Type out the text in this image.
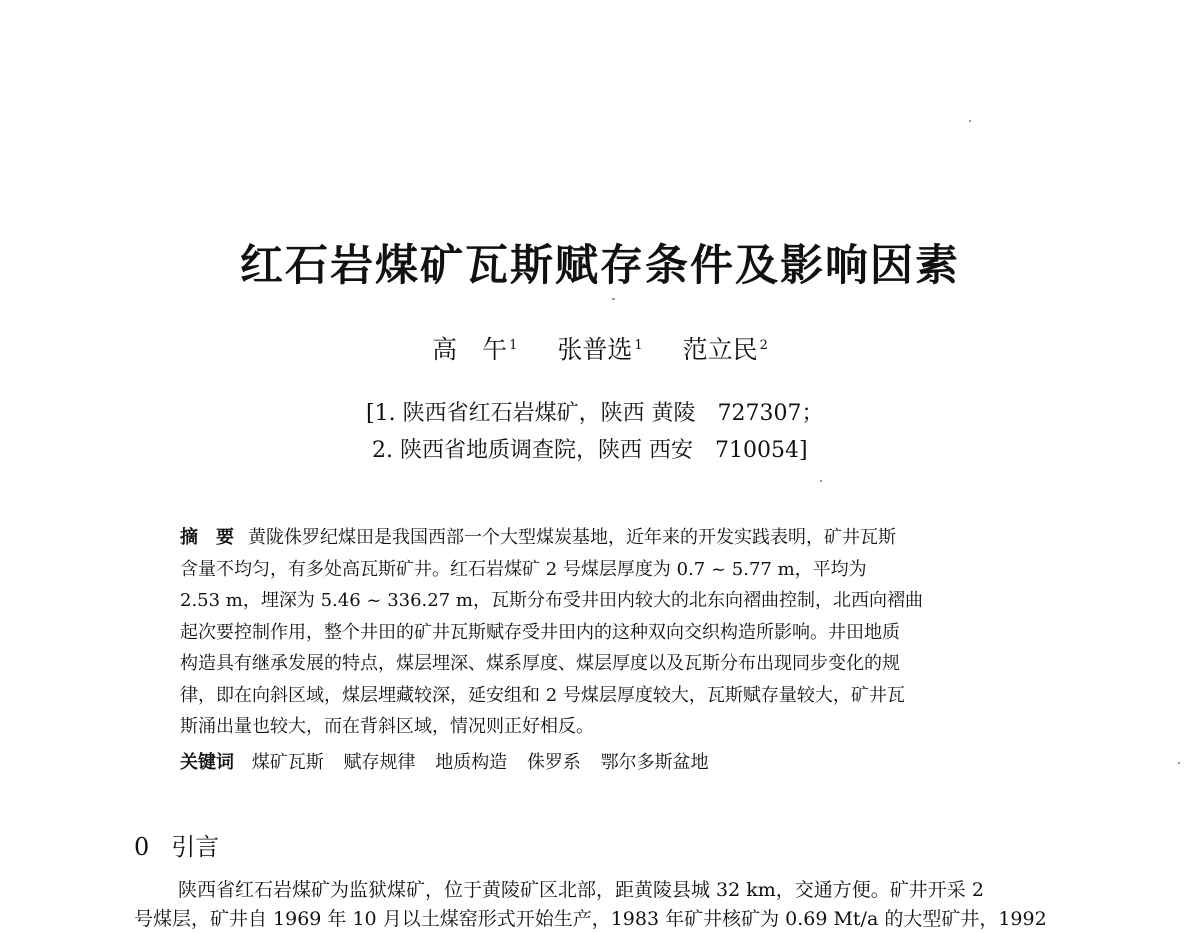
红石岩煤矿瓦斯赋存条件及影响因素
高　午 $^1$ 张普选 $^1$ 范立民 $^2$
[1. 陕西省红石岩煤矿，陕西 黄陵　727307；
2. 陕西省地质调查院，陕西 西安　710054]
摘　要 黄陇侏罗纪煤田是我国西部一个大型煤炭基地，近年来的开发实践表明，矿井瓦斯
含量不均匀，有多处高瓦斯矿井。红石岩煤矿 2 号煤层厚度为 0.7 ~ 5.77 m，平均为
2.53 m，埋深为 5.46 ~ 336.27 m，瓦斯分布受井田内较大的北东向褶曲控制，北西向褶曲
起次要控制作用，整个井田的矿井瓦斯赋存受井田内的这种双向交织构造所影响。井田地质
构造具有继承发展的特点，煤层埋深、煤系厚度、煤层厚度以及瓦斯分布出现同步变化的规
律，即在向斜区域，煤层埋藏较深，延安组和 2 号煤层厚度较大，瓦斯赋存量较大，矿井瓦
斯涌出量也较大，而在背斜区域，情况则正好相反。
关键词 煤矿瓦斯 赋存规律 地质构造 侏罗系 鄂尔多斯盆地
0 引言
陕西省红石岩煤矿为监狱煤矿，位于黄陵矿区北部，距黄陵县城 32 km，交通方便。矿井开采 2
号煤层，矿井自 1969 年 10 月以土煤窑形式开始生产，1983 年矿井核矿为 0.69 Mt/a 的大型矿井，1992
